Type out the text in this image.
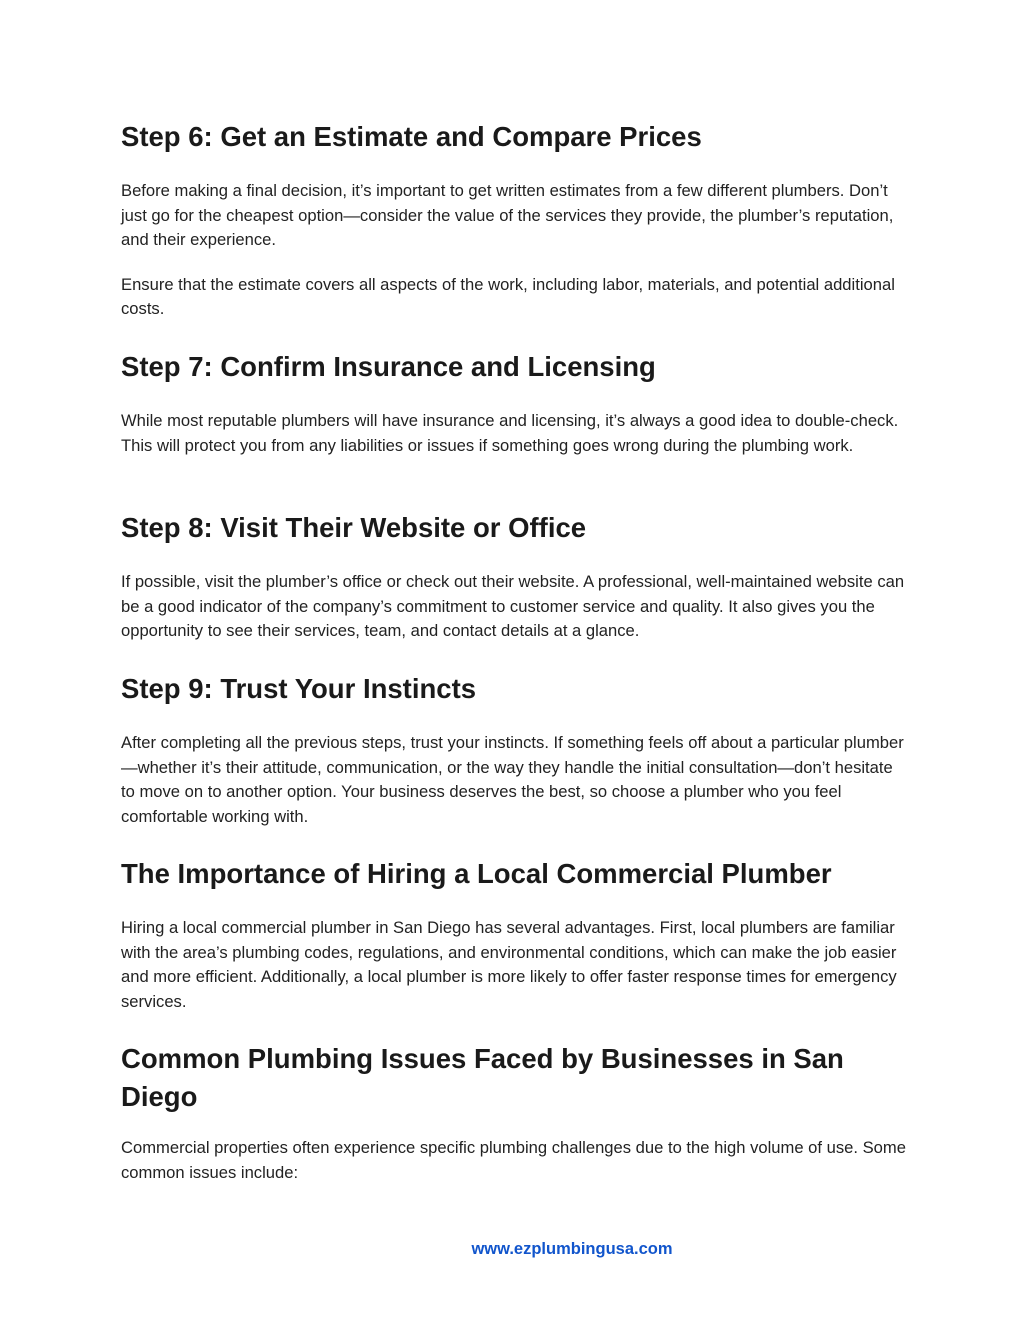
Step 6: Get an Estimate and Compare Prices

Before making a final decision, it’s important to get written estimates from a few different plumbers. Don’t just go for the cheapest option—consider the value of the services they provide, the plumber’s reputation, and their experience.

Ensure that the estimate covers all aspects of the work, including labor, materials, and potential additional costs.

Step 7: Confirm Insurance and Licensing

While most reputable plumbers will have insurance and licensing, it’s always a good idea to double-check. This will protect you from any liabilities or issues if something goes wrong during the plumbing work.

Step 8: Visit Their Website or Office

If possible, visit the plumber’s office or check out their website. A professional, well-maintained website can be a good indicator of the company’s commitment to customer service and quality. It also gives you the opportunity to see their services, team, and contact details at a glance.

Step 9: Trust Your Instincts

After completing all the previous steps, trust your instincts. If something feels off about a particular plumber—whether it’s their attitude, communication, or the way they handle the initial consultation—don’t hesitate to move on to another option. Your business deserves the best, so choose a plumber who you feel comfortable working with.

The Importance of Hiring a Local Commercial Plumber

Hiring a local commercial plumber in San Diego has several advantages. First, local plumbers are familiar with the area’s plumbing codes, regulations, and environmental conditions, which can make the job easier and more efficient. Additionally, a local plumber is more likely to offer faster response times for emergency services.

Common Plumbing Issues Faced by Businesses in San Diego

Commercial properties often experience specific plumbing challenges due to the high volume of use. Some common issues include:

www.ezplumbingusa.com
